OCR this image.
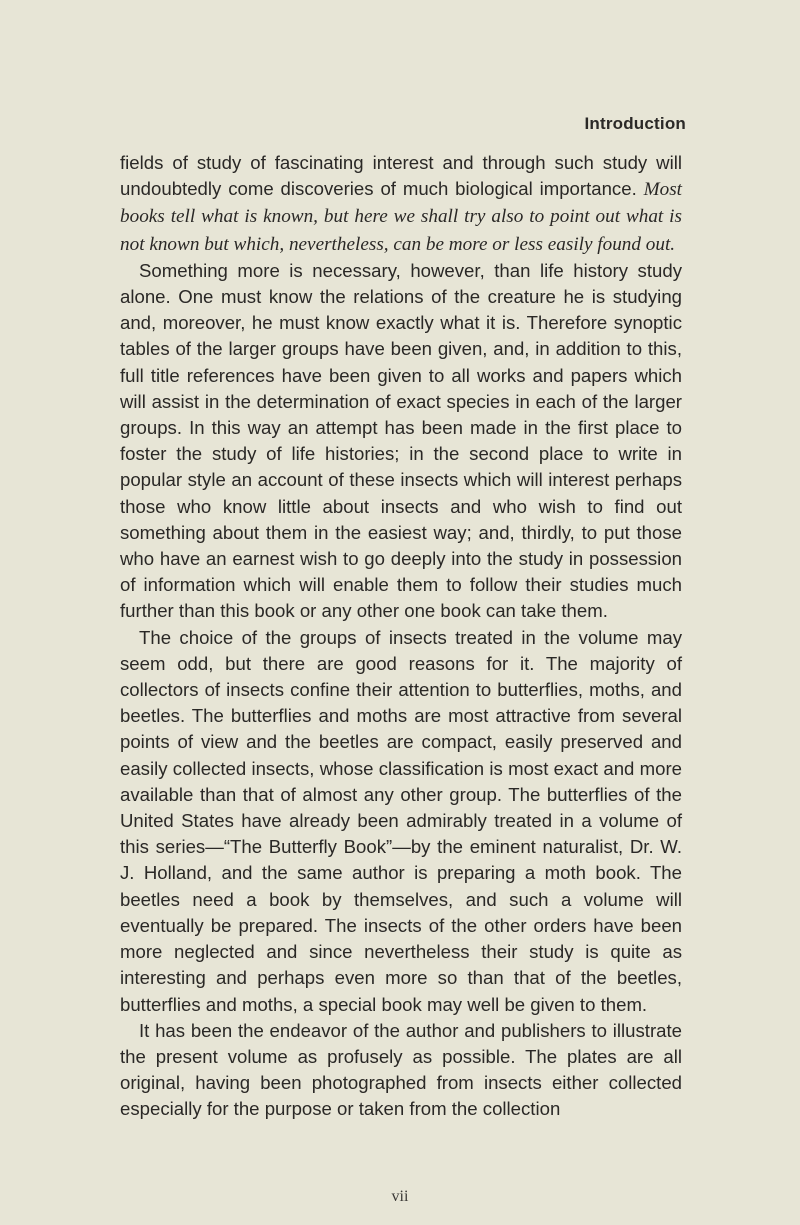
Introduction

fields of study of fascinating interest and through such study will undoubtedly come discoveries of much biological importance. Most books tell what is known, but here we shall try also to point out what is not known but which, nevertheless, can be more or less easily found out.

Something more is necessary, however, than life history study alone. One must know the relations of the creature he is studying and, moreover, he must know exactly what it is. Therefore synoptic tables of the larger groups have been given, and, in addition to this, full title references have been given to all works and papers which will assist in the determination of exact species in each of the larger groups. In this way an attempt has been made in the first place to foster the study of life histories; in the second place to write in popular style an account of these insects which will interest perhaps those who know little about insects and who wish to find out something about them in the easiest way; and, thirdly, to put those who have an earnest wish to go deeply into the study in possession of information which will enable them to follow their studies much further than this book or any other one book can take them.

The choice of the groups of insects treated in the volume may seem odd, but there are good reasons for it. The majority of collectors of insects confine their attention to butterflies, moths, and beetles. The butterflies and moths are most attractive from several points of view and the beetles are compact, easily preserved and easily collected insects, whose classification is most exact and more available than that of almost any other group. The butterflies of the United States have already been admirably treated in a volume of this series—“The Butterfly Book”—by the eminent naturalist, Dr. W. J. Holland, and the same author is preparing a moth book. The beetles need a book by themselves, and such a volume will eventually be prepared. The insects of the other orders have been more neglected and since nevertheless their study is quite as interesting and perhaps even more so than that of the beetles, butterflies and moths, a special book may well be given to them.

It has been the endeavor of the author and publishers to illustrate the present volume as profusely as possible. The plates are all original, having been photographed from insects either collected especially for the purpose or taken from the collection

vii
